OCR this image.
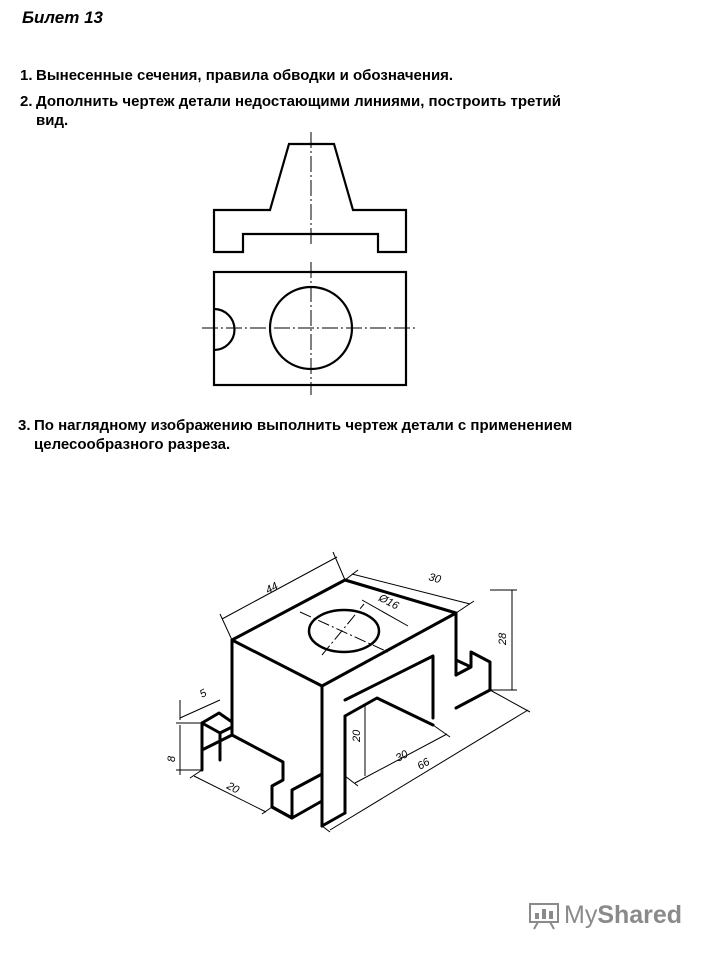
Билет 13
1. Вынесенные сечения, правила обводки и обозначения.
2. Дополнить чертеж детали недостающими линиями, построить третий
вид.
3. По наглядному изображению выполнить чертеж детали с применением
целесообразного разреза.
44
30
Ø16
28
5
8
20
20
30 66
MyShared
